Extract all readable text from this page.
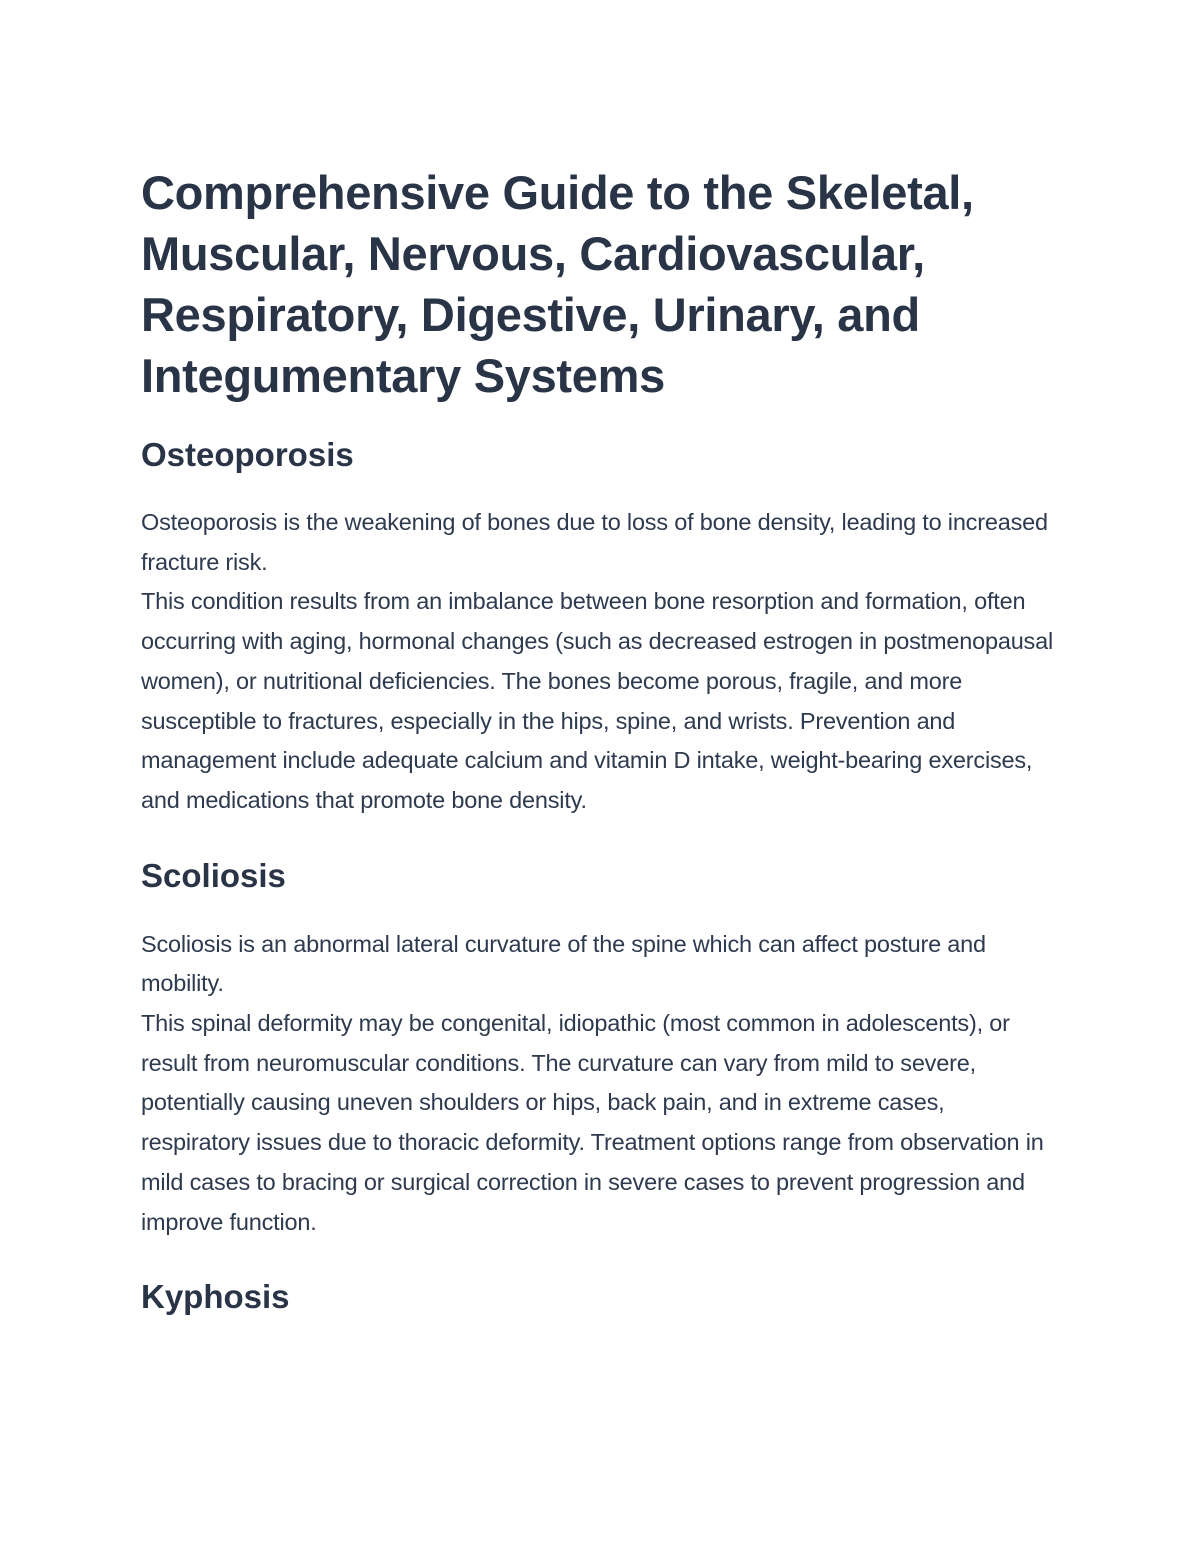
Comprehensive Guide to the Skeletal, Muscular, Nervous, Cardiovascular, Respiratory, Digestive, Urinary, and Integumentary Systems
Osteoporosis

Osteoporosis is the weakening of bones due to loss of bone density, leading to increased fracture risk.

This condition results from an imbalance between bone resorption and formation, often occurring with aging, hormonal changes (such as decreased estrogen in postmenopausal women), or nutritional deficiencies. The bones become porous, fragile, and more susceptible to fractures, especially in the hips, spine, and wrists. Prevention and management include adequate calcium and vitamin D intake, weight-bearing exercises, and medications that promote bone density.

Scoliosis

Scoliosis is an abnormal lateral curvature of the spine which can affect posture and mobility.

This spinal deformity may be congenital, idiopathic (most common in adolescents), or result from neuromuscular conditions. The curvature can vary from mild to severe, potentially causing uneven shoulders or hips, back pain, and in extreme cases, respiratory issues due to thoracic deformity. Treatment options range from observation in mild cases to bracing or surgical correction in severe cases to prevent progression and improve function.

Kyphosis
